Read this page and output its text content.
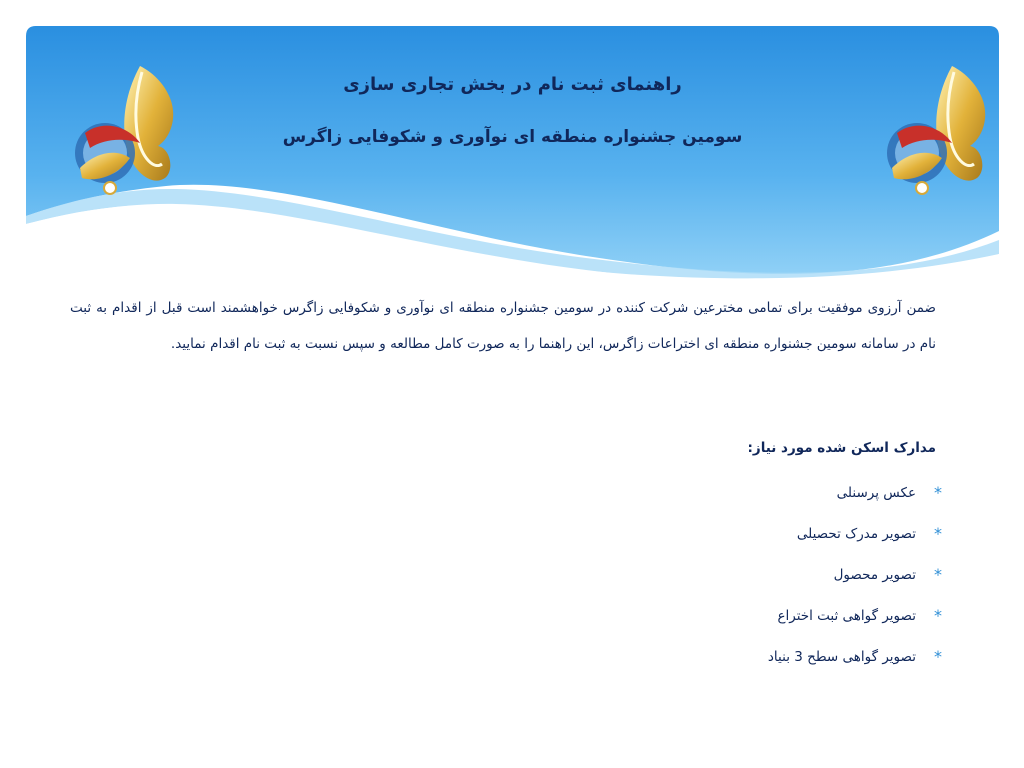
راهنمای ثبت نام در بخش تجاری سازی
سومین جشنواره منطقه ای نوآوری و شکوفایی زاگرس
ضمن آرزوی موفقیت برای تمامی مخترعین شرکت کننده در سومین جشنواره منطقه ای نوآوری و شکوفایی زاگرس خواهشمند است قبل از اقدام به ثبت نام در سامانه سومین جشنواره منطقه ای اختراعات زاگرس، این راهنما را به صورت کامل مطالعه و سپس نسبت به ثبت نام اقدام نمایید.
مدارک اسکن شده مورد نیاز:
*
عکس پرسنلی
*
تصویر مدرک تحصیلی
*
تصویر محصول
*
تصویر گواهی ثبت اختراع
*
تصویر گواهی سطح 3 بنیاد
